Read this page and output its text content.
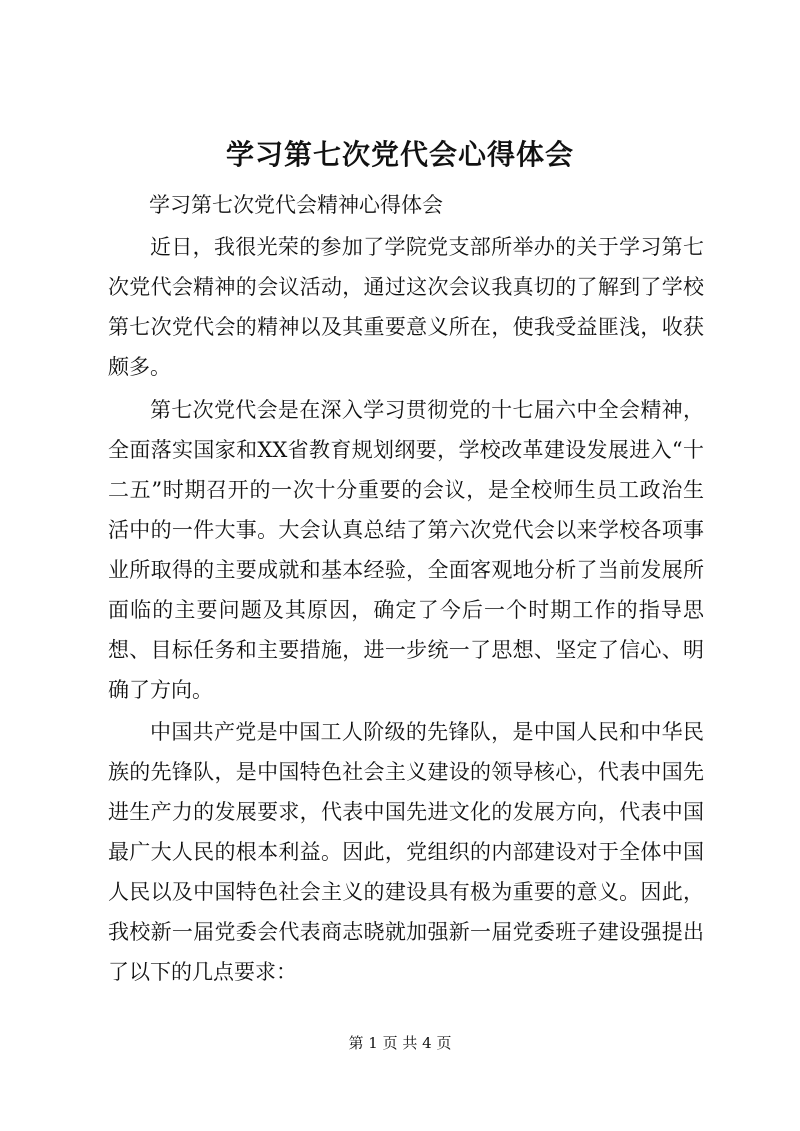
学习第七次党代会心得体会
学习第七次党代会精神心得体会

近日，我很光荣的参加了学院党支部所举办的关于学习第七次党代会精神的会议活动，通过这次会议我真切的了解到了学校第七次党代会的精神以及其重要意义所在，使我受益匪浅，收获颇多。

第七次党代会是在深入学习贯彻党的十七届六中全会精神，全面落实国家和XX省教育规划纲要，学校改革建设发展进入“十二五”时期召开的一次十分重要的会议，是全校师生员工政治生活中的一件大事。大会认真总结了第六次党代会以来学校各项事业所取得的主要成就和基本经验，全面客观地分析了当前发展所面临的主要问题及其原因，确定了今后一个时期工作的指导思想、目标任务和主要措施，进一步统一了思想、坚定了信心、明确了方向。

中国共产党是中国工人阶级的先锋队，是中国人民和中华民族的先锋队，是中国特色社会主义建设的领导核心，代表中国先进生产力的发展要求，代表中国先进文化的发展方向，代表中国最广大人民的根本利益。因此，党组织的内部建设对于全体中国人民以及中国特色社会主义的建设具有极为重要的意义。因此，我校新一届党委会代表商志晓就加强新一届党委班子建设强提出了以下的几点要求：

第 1 页 共 4 页
